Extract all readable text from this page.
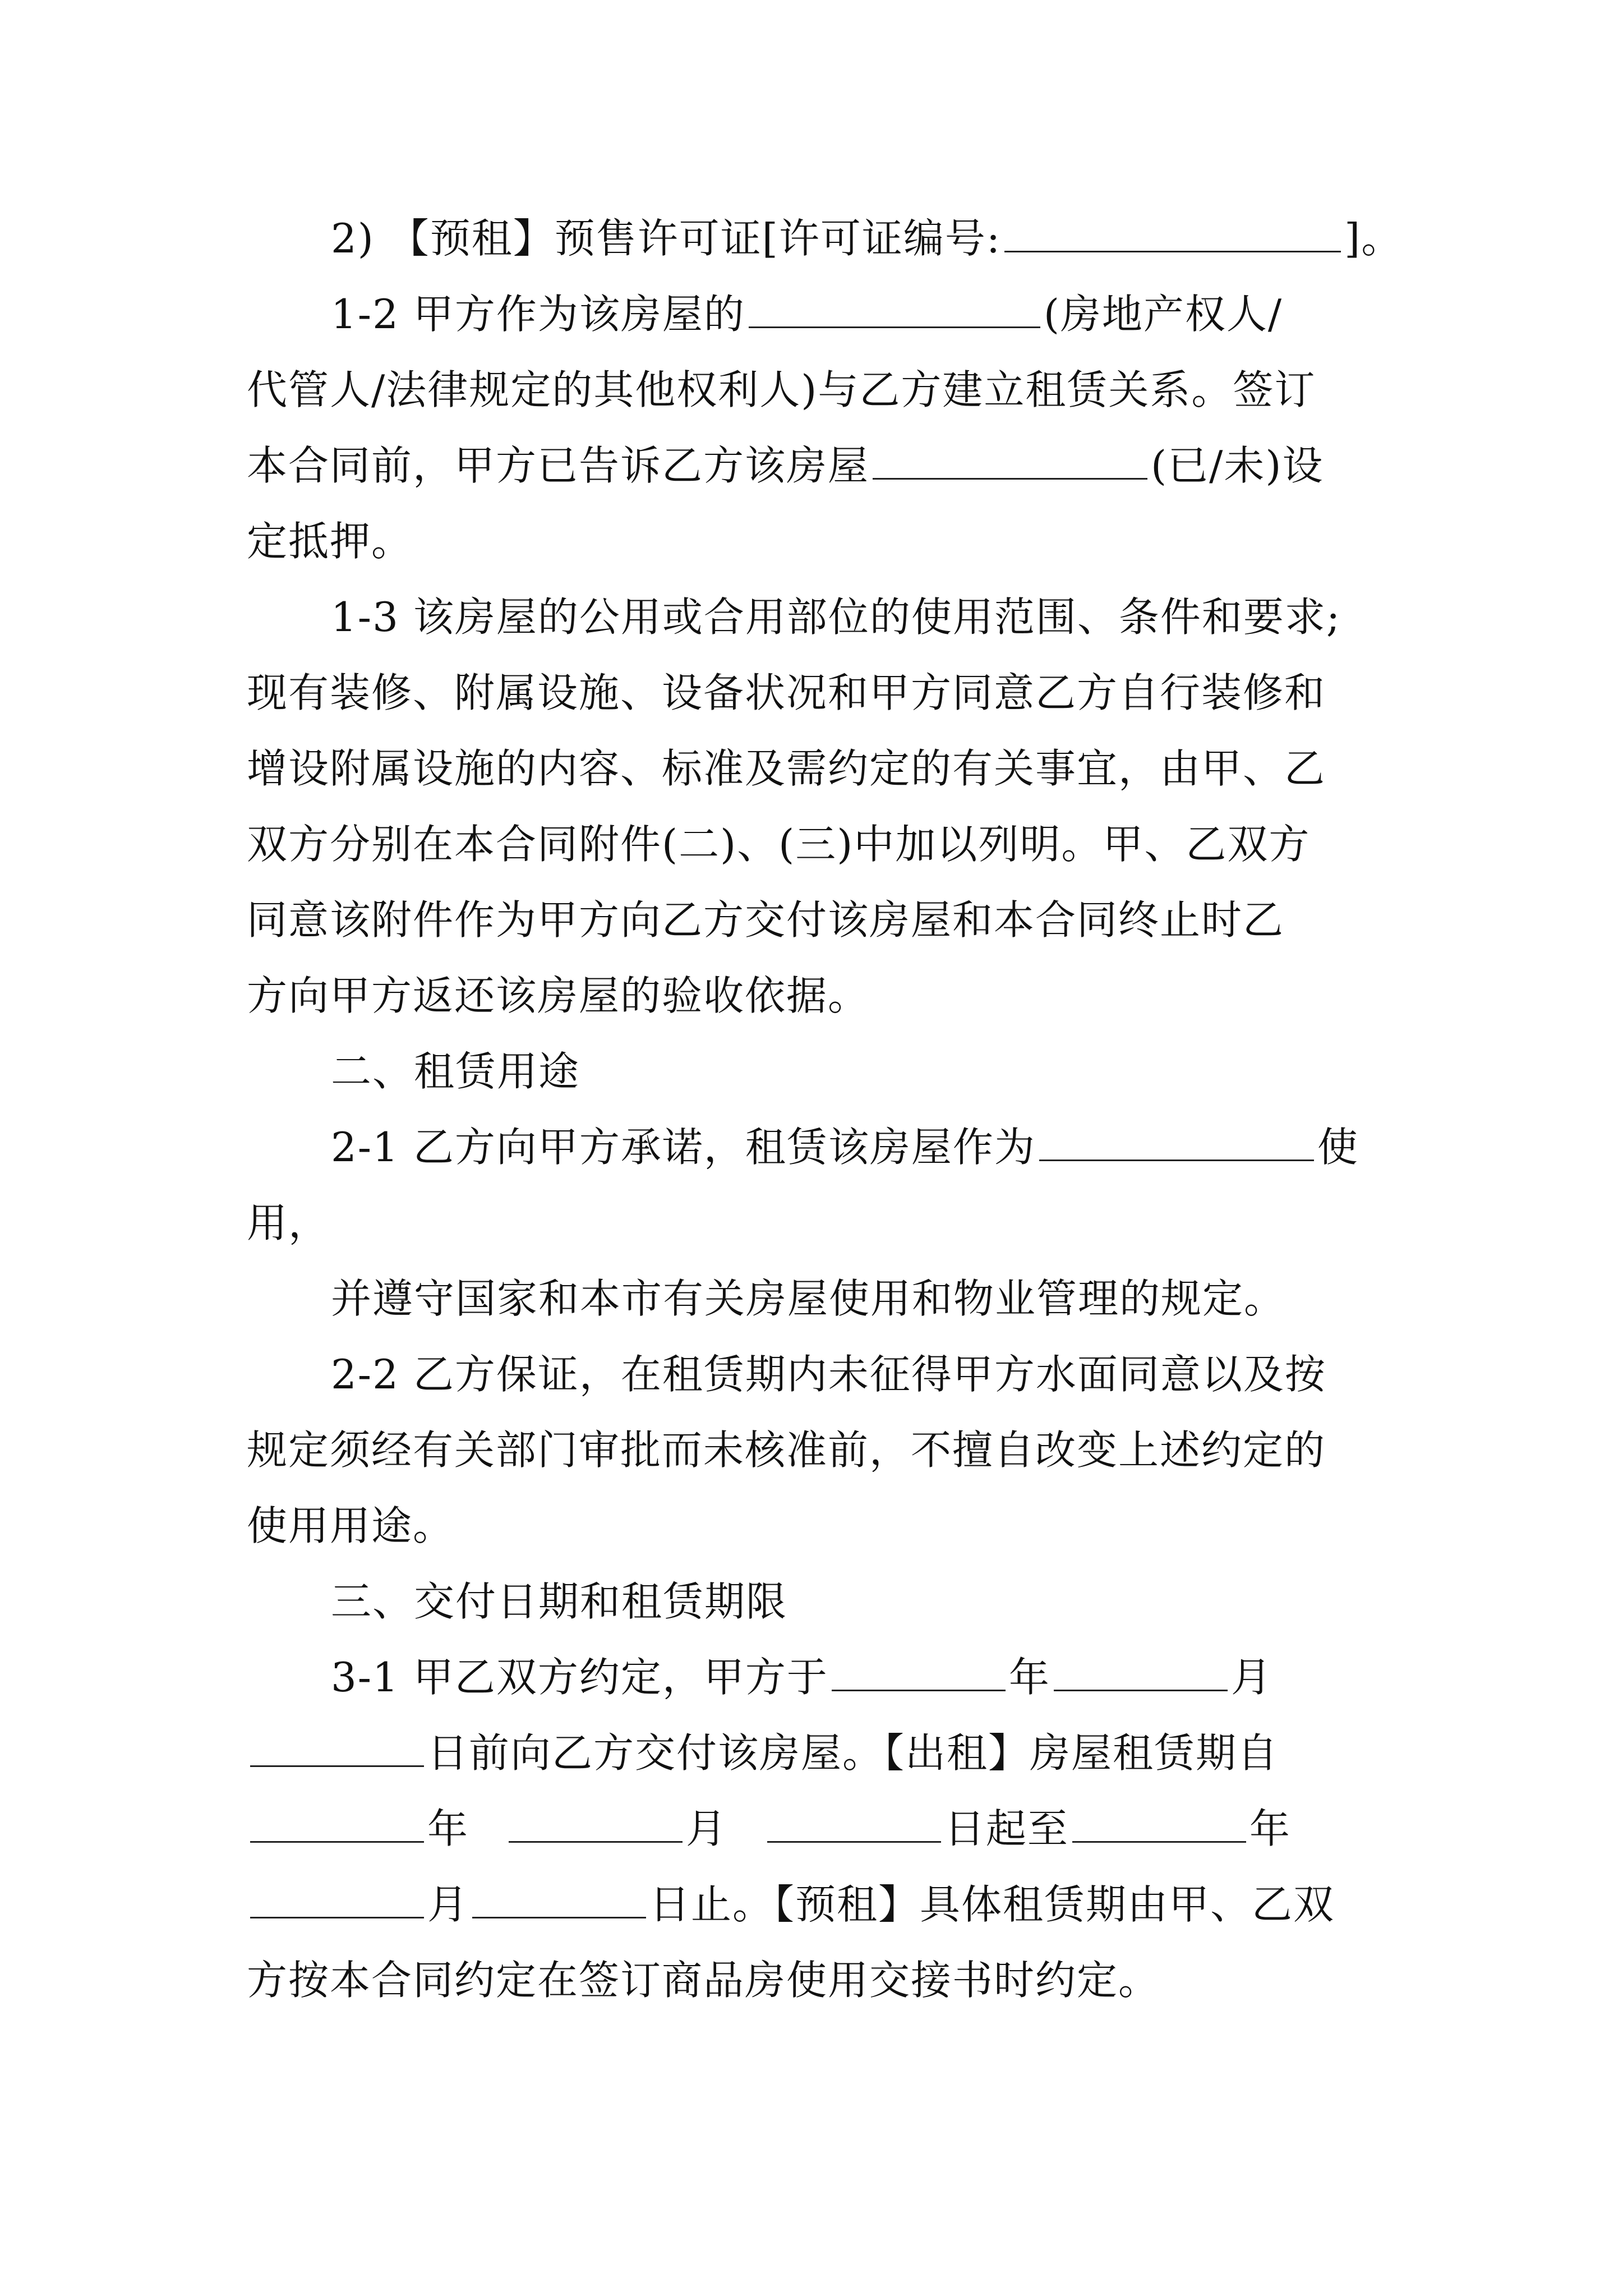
2) 【预租】预售许可证[许可证编号:	]。
1-2 甲方作为该房屋的	(房地产权人/
代管人/法律规定的其他权利人)与乙方建立租赁关系。签订
本合同前，甲方已告诉乙方该房屋	(已/未)设
定抵押。
1-3 该房屋的公用或合用部位的使用范围、条件和要求;
现有装修、附属设施、设备状况和甲方同意乙方自行装修和
增设附属设施的内容、标准及需约定的有关事宜，由甲、乙
双方分别在本合同附件(二)、(三)中加以列明。甲、乙双方
同意该附件作为甲方向乙方交付该房屋和本合同终止时乙
方向甲方返还该房屋的验收依据。
二、租赁用途
2-1 乙方向甲方承诺，租赁该房屋作为	使
用，
并遵守国家和本市有关房屋使用和物业管理的规定。
2-2 乙方保证，在租赁期内未征得甲方水面同意以及按
规定须经有关部门审批而未核准前，不擅自改变上述约定的
使用用途。
三、交付日期和租赁期限
3-1 甲乙双方约定，甲方于	年	月
日前向乙方交付该房屋。【出租】房屋租赁期自
年	月	日起至	年
月	日止。【预租】具体租赁期由甲、乙双
方按本合同约定在签订商品房使用交接书时约定。
